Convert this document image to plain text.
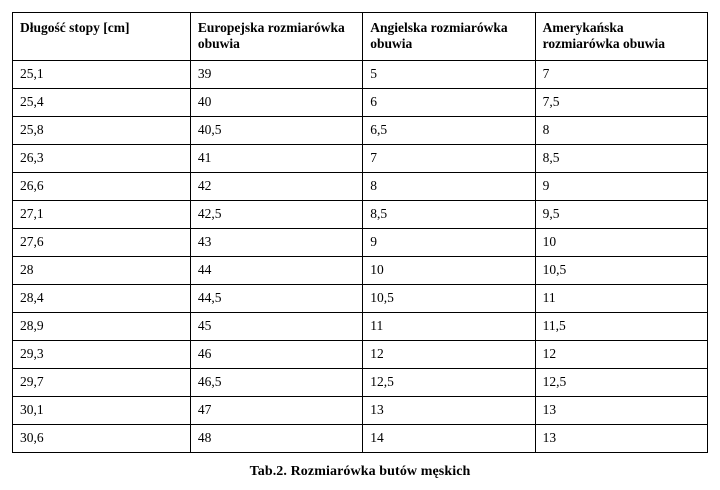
Długość stopy [cm]	Europejska rozmiarówka obuwia	Angielska rozmiarówka obuwia	Amerykańska rozmiarówka obuwia
25,1	39	5	7
25,4	40	6	7,5
25,8	40,5	6,5	8
26,3	41	7	8,5
26,6	42	8	9
27,1	42,5	8,5	9,5
27,6	43	9	10
28	44	10	10,5
28,4	44,5	10,5	11
28,9	45	11	11,5
29,3	46	12	12
29,7	46,5	12,5	12,5
30,1	47	13	13
30,6	48	14	13
Tab.2. Rozmiarówka butów męskich
